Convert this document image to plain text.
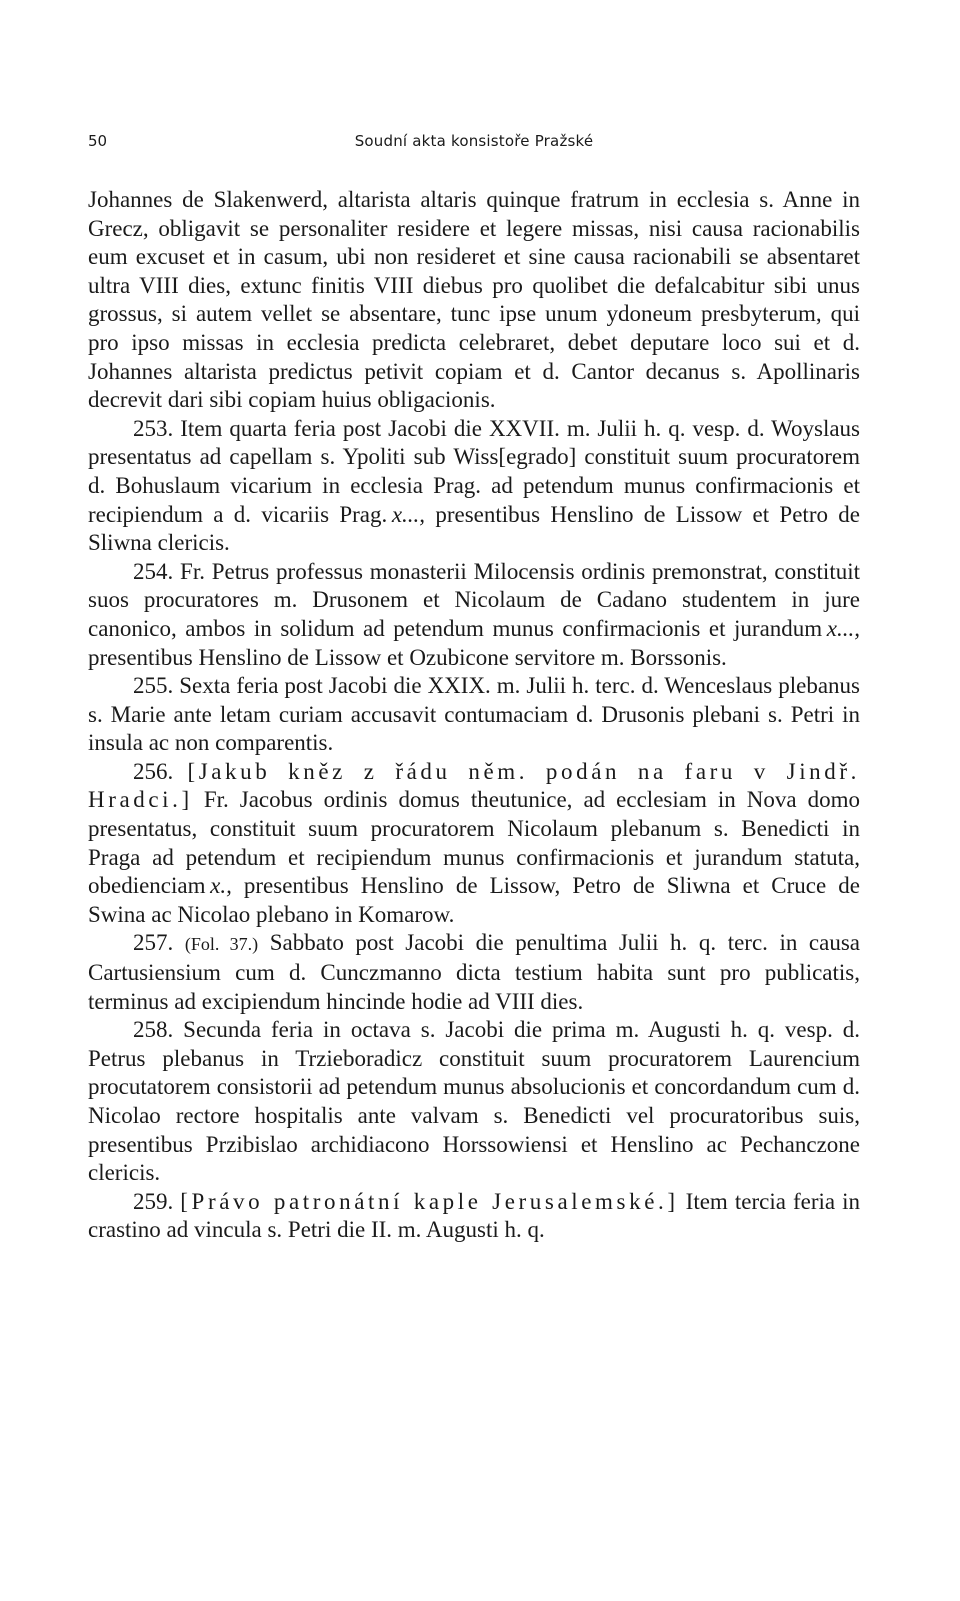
50	Soudní akta konsistoře Pražské

Johannes de Slakenwerd, altarista altaris quinque fratrum in ecclesia s. Anne in Grecz, obligavit se personaliter residere et legere missas, nisi causa racionabilis eum excuset et in casum, ubi non resideret et sine causa racionabili se absentaret ultra VIII dies, extunc finitis VIII diebus pro quolibet die defalcabitur sibi unus grossus, si autem vellet se absentare, tunc ipse unum ydoneum presbyterum, qui pro ipso missas in ecclesia predicta celebraret, debet deputare loco sui et d. Johannes altarista predictus petivit copiam et d. Cantor decanus s. Apollinaris decrevit dari sibi copiam huius obligacionis.

253. Item quarta feria post Jacobi die XXVII. m. Julii h. q. vesp. d. Woyslaus presentatus ad capellam s. Ypoliti sub Wiss[egrado] constituit suum procuratorem d. Bohuslaum vicarium in ecclesia Prag. ad petendum munus confirmacionis et recipiendum a d. vicariis Prag. x..., presentibus Henslino de Lissow et Petro de Sliwna clericis.

254. Fr. Petrus professus monasterii Milocensis ordinis premonstrat, constituit suos procuratores m. Drusonem et Nicolaum de Cadano studentem in jure canonico, ambos in solidum ad petendum munus confirmacionis et jurandum x..., presentibus Henslino de Lissow et Ozubicone servitore m. Borssonis.

255. Sexta feria post Jacobi die XXIX. m. Julii h. terc. d. Wenceslaus plebanus s. Marie ante letam curiam accusavit contumaciam d. Drusonis plebani s. Petri in insula ac non comparentis.

256. [Jakub kněz z řádu něm. podán na faru v Jindř. Hradci.] Fr. Jacobus ordinis domus theutunice, ad ecclesiam in Nova domo presentatus, constituit suum procuratorem Nicolaum plebanum s. Benedicti in Praga ad petendum et recipiendum munus confirmacionis et jurandum statuta, obedienciam x., presentibus Henslino de Lissow, Petro de Sliwna et Cruce de Swina ac Nicolao plebano in Komarow.

257. (Fol. 37.) Sabbato post Jacobi die penultima Julii h. q. terc. in causa Cartusiensium cum d. Cunczmanno dicta testium habita sunt pro publicatis, terminus ad excipiendum hincinde hodie ad VIII dies.

258. Secunda feria in octava s. Jacobi die prima m. Augusti h. q. vesp. d. Petrus plebanus in Trzieboradicz constituit suum procuratorem Laurencium procutatorem consistorii ad petendum munus absolucionis et concordandum cum d. Nicolao rectore hospitalis ante valvam s. Benedicti vel procuratoribus suis, presentibus Przibislao archidiacono Horssowiensi et Henslino ac Pechanczone clericis.

259. [Právo patronátní kaple Jerusalemské.] Item tercia feria in crastino ad vincula s. Petri die II. m. Augusti h. q.
